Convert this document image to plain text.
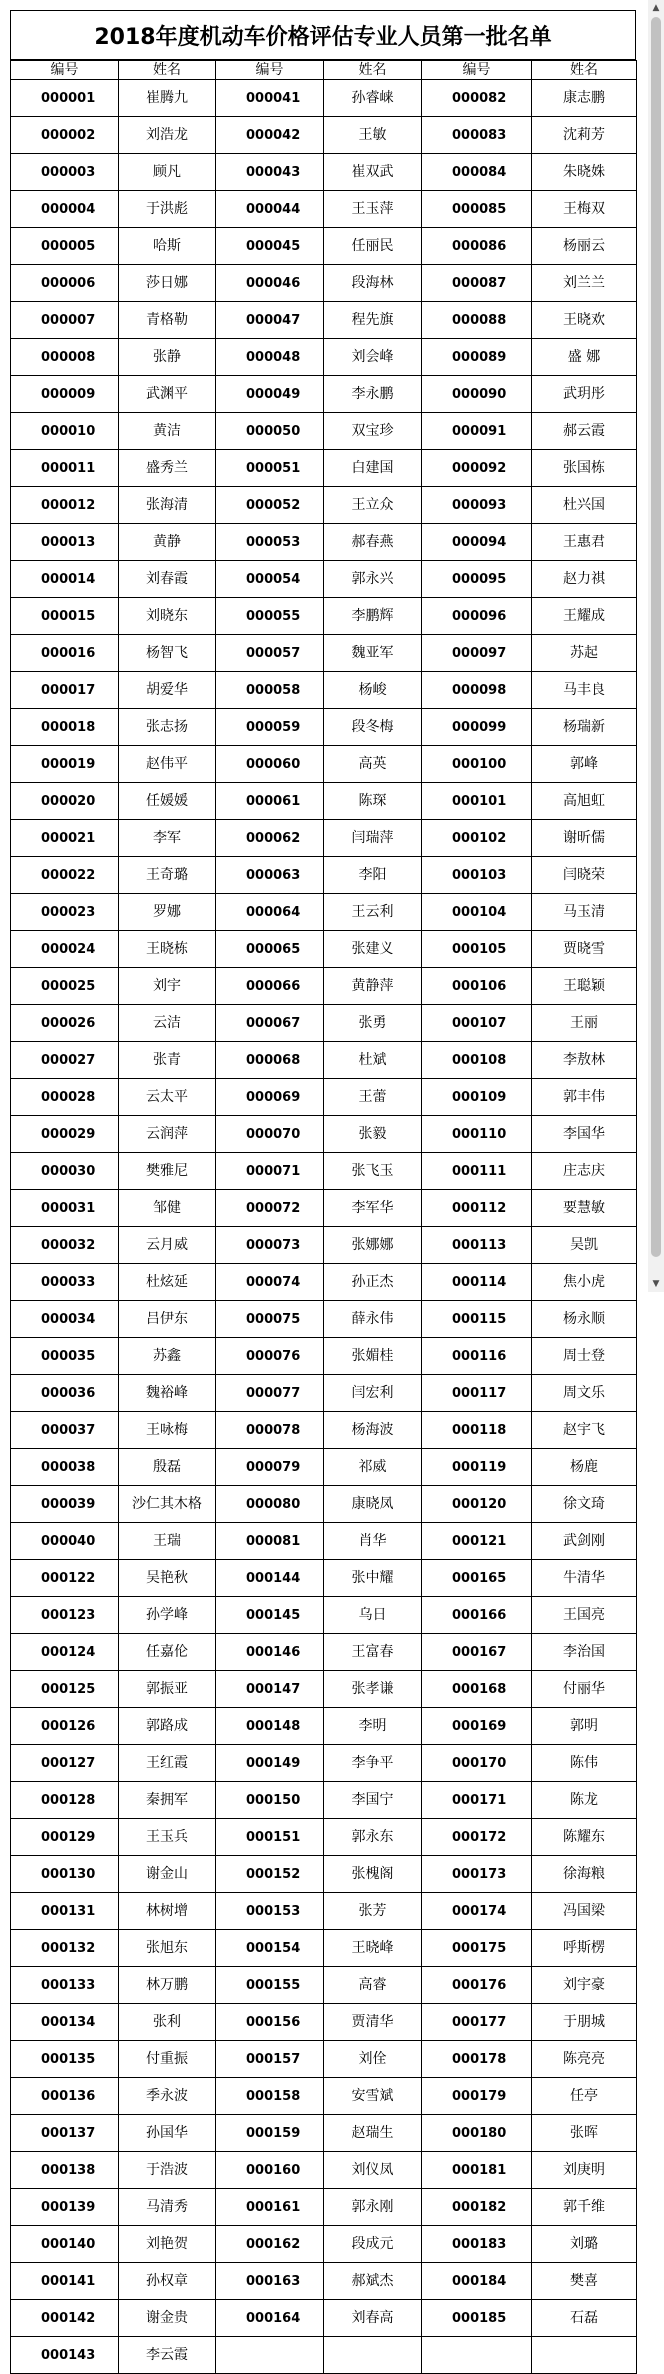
2018年度机动车价格评估专业人员第一批名单
编号	姓名	编号	姓名	编号	姓名
000001	崔腾九	000041	孙睿崃	000082	康志鹏
000002	刘浩龙	000042	王敏	000083	沈莉芳
000003	顾凡	000043	崔双武	000084	朱晓姝
000004	于洪彪	000044	王玉萍	000085	王梅双
000005	哈斯	000045	任丽民	000086	杨丽云
000006	莎日娜	000046	段海林	000087	刘兰兰
000007	青格勒	000047	程先旗	000088	王晓欢
000008	张静	000048	刘会峰	000089	盛 娜
000009	武渊平	000049	李永鹏	000090	武玥彤
000010	黄洁	000050	双宝珍	000091	郝云霞
000011	盛秀兰	000051	白建国	000092	张国栋
000012	张海清	000052	王立众	000093	杜兴国
000013	黄静	000053	郝春燕	000094	王惠君
000014	刘春霞	000054	郭永兴	000095	赵力祺
000015	刘晓东	000055	李鹏辉	000096	王耀成
000016	杨智飞	000057	魏亚军	000097	苏起
000017	胡爱华	000058	杨峻	000098	马丰良
000018	张志扬	000059	段冬梅	000099	杨瑞新
000019	赵伟平	000060	高英	000100	郭峰
000020	任媛媛	000061	陈琛	000101	高旭虹
000021	李军	000062	闫瑞萍	000102	谢昕儒
000022	王奇璐	000063	李阳	000103	闫晓荣
000023	罗娜	000064	王云利	000104	马玉清
000024	王晓栋	000065	张建义	000105	贾晓雪
000025	刘宇	000066	黄静萍	000106	王聪颖
000026	云洁	000067	张勇	000107	王丽
000027	张青	000068	杜斌	000108	李敖林
000028	云太平	000069	王蕾	000109	郭丰伟
000029	云润萍	000070	张毅	000110	李国华
000030	樊雅尼	000071	张飞玉	000111	庄志庆
000031	邹健	000072	李军华	000112	要慧敏
000032	云月威	000073	张娜娜	000113	吴凯
000033	杜炫延	000074	孙正杰	000114	焦小虎
000034	吕伊东	000075	薛永伟	000115	杨永顺
000035	苏鑫	000076	张媚桂	000116	周士登
000036	魏裕峰	000077	闫宏利	000117	周文乐
000037	王咏梅	000078	杨海波	000118	赵宇飞
000038	殷磊	000079	祁威	000119	杨鹿
000039	沙仁其木格	000080	康晓凤	000120	徐文琦
000040	王瑞	000081	肖华	000121	武剑刚
000122	吴艳秋	000144	张中耀	000165	牛清华
000123	孙学峰	000145	乌日	000166	王国亮
000124	任嘉伦	000146	王富春	000167	李治国
000125	郭振亚	000147	张孝谦	000168	付丽华
000126	郭路成	000148	李明	000169	郭明
000127	王红霞	000149	李争平	000170	陈伟
000128	秦拥军	000150	李国宁	000171	陈龙
000129	王玉兵	000151	郭永东	000172	陈耀东
000130	谢金山	000152	张槐阁	000173	徐海粮
000131	林树增	000153	张芳	000174	冯国梁
000132	张旭东	000154	王晓峰	000175	呼斯楞
000133	林万鹏	000155	高睿	000176	刘宇豪
000134	张利	000156	贾清华	000177	于朋城
000135	付重振	000157	刘佺	000178	陈亮亮
000136	季永波	000158	安雪斌	000179	任亭
000137	孙国华	000159	赵瑞生	000180	张晖
000138	于浩波	000160	刘仪凤	000181	刘庚明
000139	马清秀	000161	郭永刚	000182	郭千维
000140	刘艳贺	000162	段成元	000183	刘璐
000141	孙权章	000163	郝斌杰	000184	樊喜
000142	谢金贵	000164	刘春高	000185	石磊
000143	李云霞				
▲
▼
